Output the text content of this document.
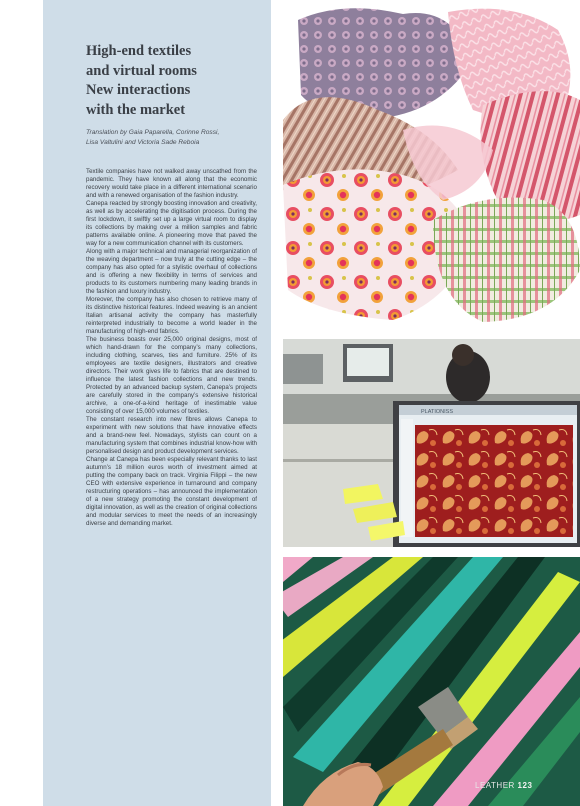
High-end textiles
and virtual rooms
New interactions
with the market
Translation by Gaia Paparella, Corinne Rossi,
Lisa Valtulini and Victoria Sade Reboia

Textile companies have not walked away unscathed from the pandemic. They have known all along that the economic recovery would take place in a different international scenario and with a renewed organisation of the fashion industry.

Canepa reacted by strongly boosting innovation and creativity, as well as by accelerating the digitisation process. During the first lockdown, it swiftly set up a large virtual room to display its collections by making over a million samples and fabric patterns available online. A pioneering move that paved the way for a new communication channel with its customers.

Along with a major technical and managerial reorganization of the weaving department – now truly at the cutting edge – the company has also opted for a stylistic overhaul of collections and is offering a new flexibility in terms of services and products to its customers numbering many leading brands in the fashion and luxury industry.

Moreover, the company has also chosen to retrieve many of its distinctive historical features. Indeed weaving is an ancient Italian artisanal activity the company has masterfully reinterpreted industrially to become a world leader in the manufacturing of high-end fabrics.

The business boasts over 25,000 original designs, most of which hand-drawn for the company’s many collections, including clothing, scarves, ties and furniture. 25% of its employees are textile designers, illustrators and creative directors. Their work gives life to fabrics that are destined to influence the latest fashion collections and new trends. Protected by an advanced backup system, Canepa’s projects are carefully stored in the company’s extensive historical archive, a one-of-a-kind heritage of inestimable value consisting of over 15,000 volumes of textiles.

The constant research into new fibres allows Canepa to experiment with new solutions that have innovative effects and a brand-new feel. Nowadays, stylists can count on a manufacturing system that combines industrial know-how with personalised design and product development services.

Change at Canepa has been especially relevant thanks to last autumn’s 18 million euros worth of investment aimed at putting the company back on track. Virginia Filippi – the new CEO with extensive experience in turnaround and company restructuring operations – has announced the implementation of a new strategy promoting the constant development of digital innovation, as well as the creation of original collections and modular services to meet the needs of an increasingly diverse and demanding market.

PLATIONISS
LEATHER 123
